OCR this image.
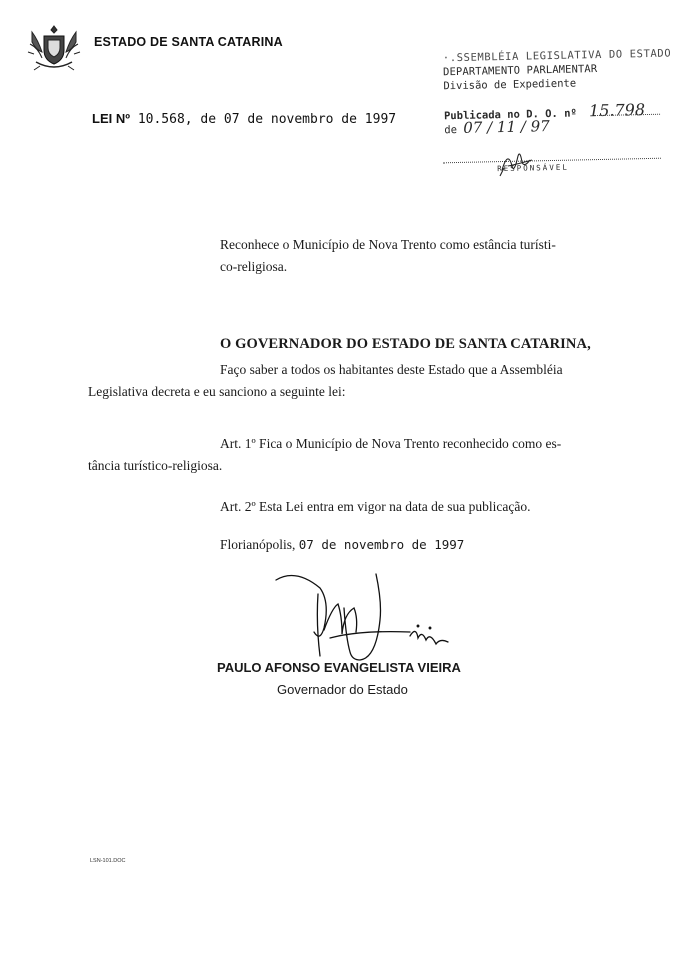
ESTADO DE SANTA CATARINA
·.SSEMBLÉIA LEGISLATIVA DO ESTADO
DEPARTAMENTO PARLAMENTAR
Divisão de Expediente
Publicada no D. O. nº 15.798
de 07 / 11 / 97
RESPONSÁVEL
LEI Nº 10.568, de 07 de novembro de 1997
Reconhece o Município de Nova Trento como estância turísti-
co-religiosa.
O GOVERNADOR DO ESTADO DE SANTA CATARINA,
Faço saber a todos os habitantes deste Estado que a Assembléia
Legislativa decreta e eu sanciono a seguinte lei:
Art. 1º Fica o Município de Nova Trento reconhecido como es-
tância turístico-religiosa.
Art. 2º Esta Lei entra em vigor na data de sua publicação.
Florianópolis, 07 de novembro de 1997
PAULO AFONSO EVANGELISTA VIEIRA
Governador do Estado
LSN-101.DOC
